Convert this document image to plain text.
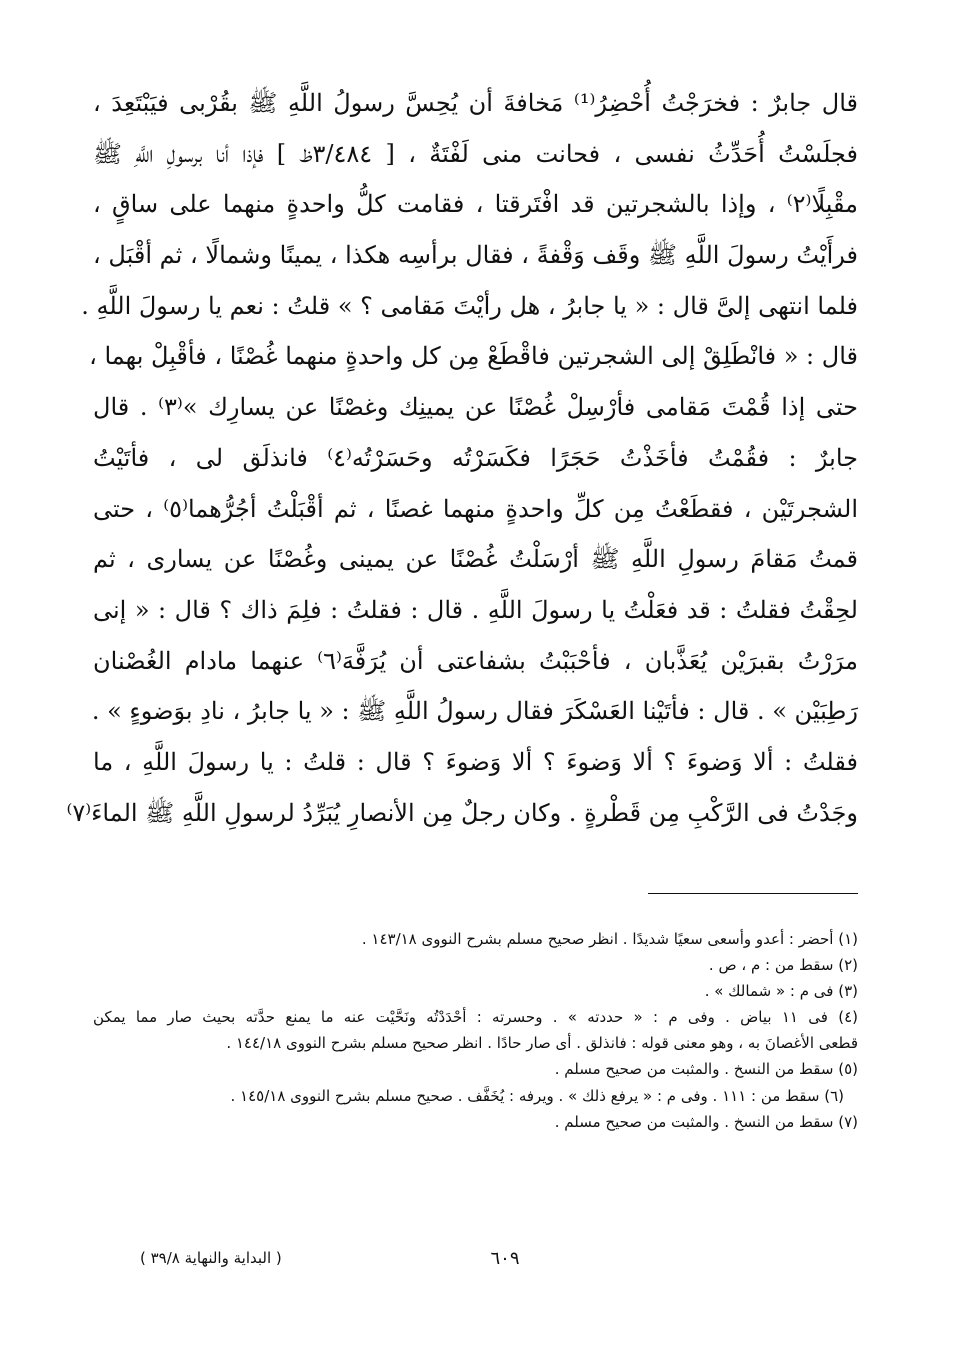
قال جابرٌ : فخرَجْتُ أُحْضِرُ⁽¹⁾ مَخافةَ أن يُحِسَّ رسولُ اللَّهِ ﷺ بقُرْبى فيَبْتَعِدَ ،
فجلَسْتُ أُحَدِّثُ نفسى ، فحانت منى لَفْتَةٌ ، [ ٣/٤٨٤ظ ] فإذا أنا برسولِ اللَّهِ ﷺ
مقْبِلًا⁽٢⁾ ، وإذا بالشجرتين قد افْتَرقتا ، فقامت كلُّ واحدةٍ منهما على ساقٍ ،
فرأَيْتُ رسولَ اللَّهِ ﷺ وقَف وَقْفةً ، فقال برأسِه هكذا ، يمينًا وشمالًا ، ثم أقْبَل ،
فلما انتهى إلىَّ قال : « يا جابرُ ، هل رأيْتَ مَقامى ؟ » قلتُ : نعم يا رسولَ اللَّهِ .
قال : « فانْطَلِقْ إلى الشجرتين فاقْطَعْ مِن كل واحدةٍ منهما غُصْنًا ، فأقْبِلْ بهما ،
حتى إذا قُمْتَ مَقامى فأرْسِلْ غُصْنًا عن يمينِك وغصْنًا عن يسارِك »⁽٣⁾ . قال
جابرٌ : فقُمْتُ فأخَذْتُ حَجَرًا فكَسَرْتُه وحَسَرْتُه⁽٤⁾ فانذلَق لى ، فأتَيْتُ
الشجرتَيْن ، فقطَعْتُ مِن كلِّ واحدةٍ منهما غصنًا ، ثم أقْبَلْتُ أجُرُّهما⁽٥⁾ ، حتى
قمتُ مَقامَ رسولِ اللَّهِ ﷺ أرْسَلْتُ غُصْنًا عن يمينى وغُصْنًا عن يسارى ، ثم
لحِقْتُ فقلتُ : قد فعَلْتُ يا رسولَ اللَّهِ . قال : فقلتُ : فلِمَ ذاك ؟ قال : « إنى
مرَرْتُ بقبرَيْن يُعَذَّبان ، فأحْبَبْتُ بشفاعتى أن يُرَفَّهَ⁽٦⁾ عنهما مادام الغُصْنان
رَطِبَيْن » . قال : فأتَيْنا العَسْكَرَ فقال رسولُ اللَّهِ ﷺ : « يا جابرُ ، نادِ بوَضوءٍ » .
فقلتُ : ألا وَضوءَ ؟ ألا وَضوءَ ؟ ألا وَضوءَ ؟ قال : قلتُ : يا رسولَ اللَّهِ ، ما
وجَدْتُ فى الرَّكْبِ مِن قَطْرةٍ . وكان رجلٌ مِن الأنصارِ يُبَرِّدُ لرسولِ اللَّهِ ﷺ الماءَ⁽٧⁾
(١) أحضر : أعدو وأسعى سعيًا شديدًا . انظر صحيح مسلم بشرح النووى ١٤٣/١٨ .
(٢) سقط من : م ، ص .
(٣) فى م : « شمالك » .
(٤) فى ١١ بياض . وفى م : « حددته » . وحسرته : أحْدَدْتُه ونَحَّيْت عنه ما يمنع حدَّته بحيث صار مما يمكن
قطعى الأغصانَ به ، وهو معنى قوله : فانذلق . أى صار حادًا . انظر صحيح مسلم بشرح النووى ١٤٤/١٨ .
(٥) سقط من النسخ . والمثبت من صحيح مسلم .
(٦) سقط من : ١١١ . وفى م : « يرفع ذلك » . ويرفه : يُخَفَّف . صحيح مسلم بشرح النووى ١٤٥/١٨ .
(٧) سقط من النسخ . والمثبت من صحيح مسلم .
٦٠٩
( البداية والنهاية ٣٩/٨ )
